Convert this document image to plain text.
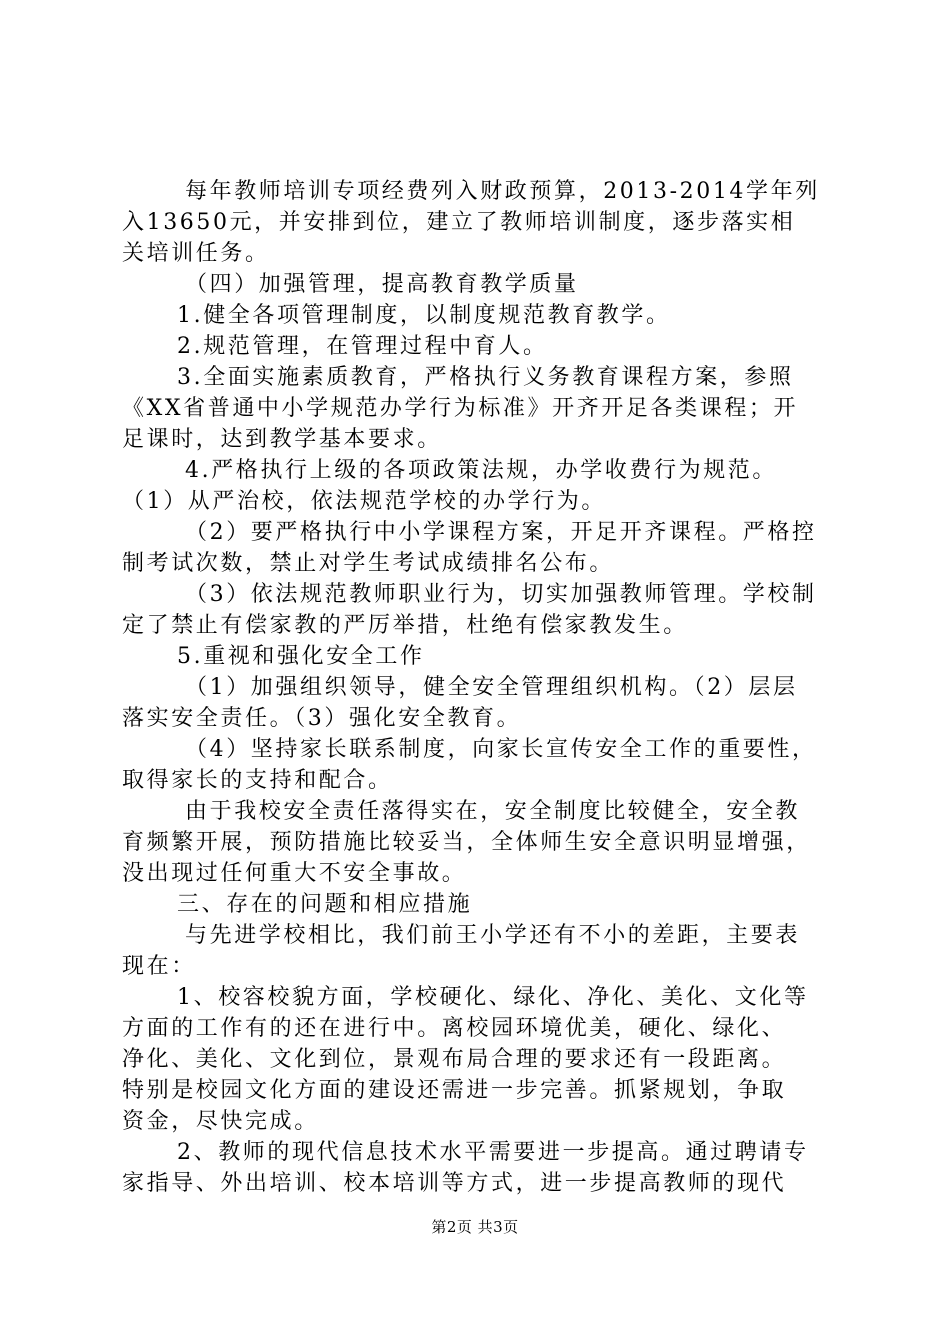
每年教师培训专项经费列入财政预算，2013-2014学年列
入13650元，并安排到位，建立了教师培训制度，逐步落实相
关培训任务。
（四）加强管理，提高教育教学质量
1.健全各项管理制度，以制度规范教育教学。
2.规范管理，在管理过程中育人。
3.全面实施素质教育，严格执行义务教育课程方案，参照
《XX省普通中小学规范办学行为标准》开齐开足各类课程；开
足课时，达到教学基本要求。
4.严格执行上级的各项政策法规，办学收费行为规范。
（1）从严治校，依法规范学校的办学行为。
（2）要严格执行中小学课程方案，开足开齐课程。严格控
制考试次数，禁止对学生考试成绩排名公布。
（3）依法规范教师职业行为，切实加强教师管理。学校制
定了禁止有偿家教的严厉举措，杜绝有偿家教发生。
5.重视和强化安全工作
（1）加强组织领导，健全安全管理组织机构。（2）层层
落实安全责任。（3）强化安全教育。
（4）坚持家长联系制度，向家长宣传安全工作的重要性，
取得家长的支持和配合。
由于我校安全责任落得实在，安全制度比较健全，安全教
育频繁开展，预防措施比较妥当，全体师生安全意识明显增强，
没出现过任何重大不安全事故。
三、存在的问题和相应措施
与先进学校相比，我们前王小学还有不小的差距，主要表
现在：
1、校容校貌方面，学校硬化、绿化、净化、美化、文化等
方面的工作有的还在进行中。离校园环境优美，硬化、绿化、
净化、美化、文化到位，景观布局合理的要求还有一段距离。
特别是校园文化方面的建设还需进一步完善。抓紧规划，争取
资金，尽快完成。
2、教师的现代信息技术水平需要进一步提高。通过聘请专
家指导、外出培训、校本培训等方式，进一步提高教师的现代
第2页 共3页
